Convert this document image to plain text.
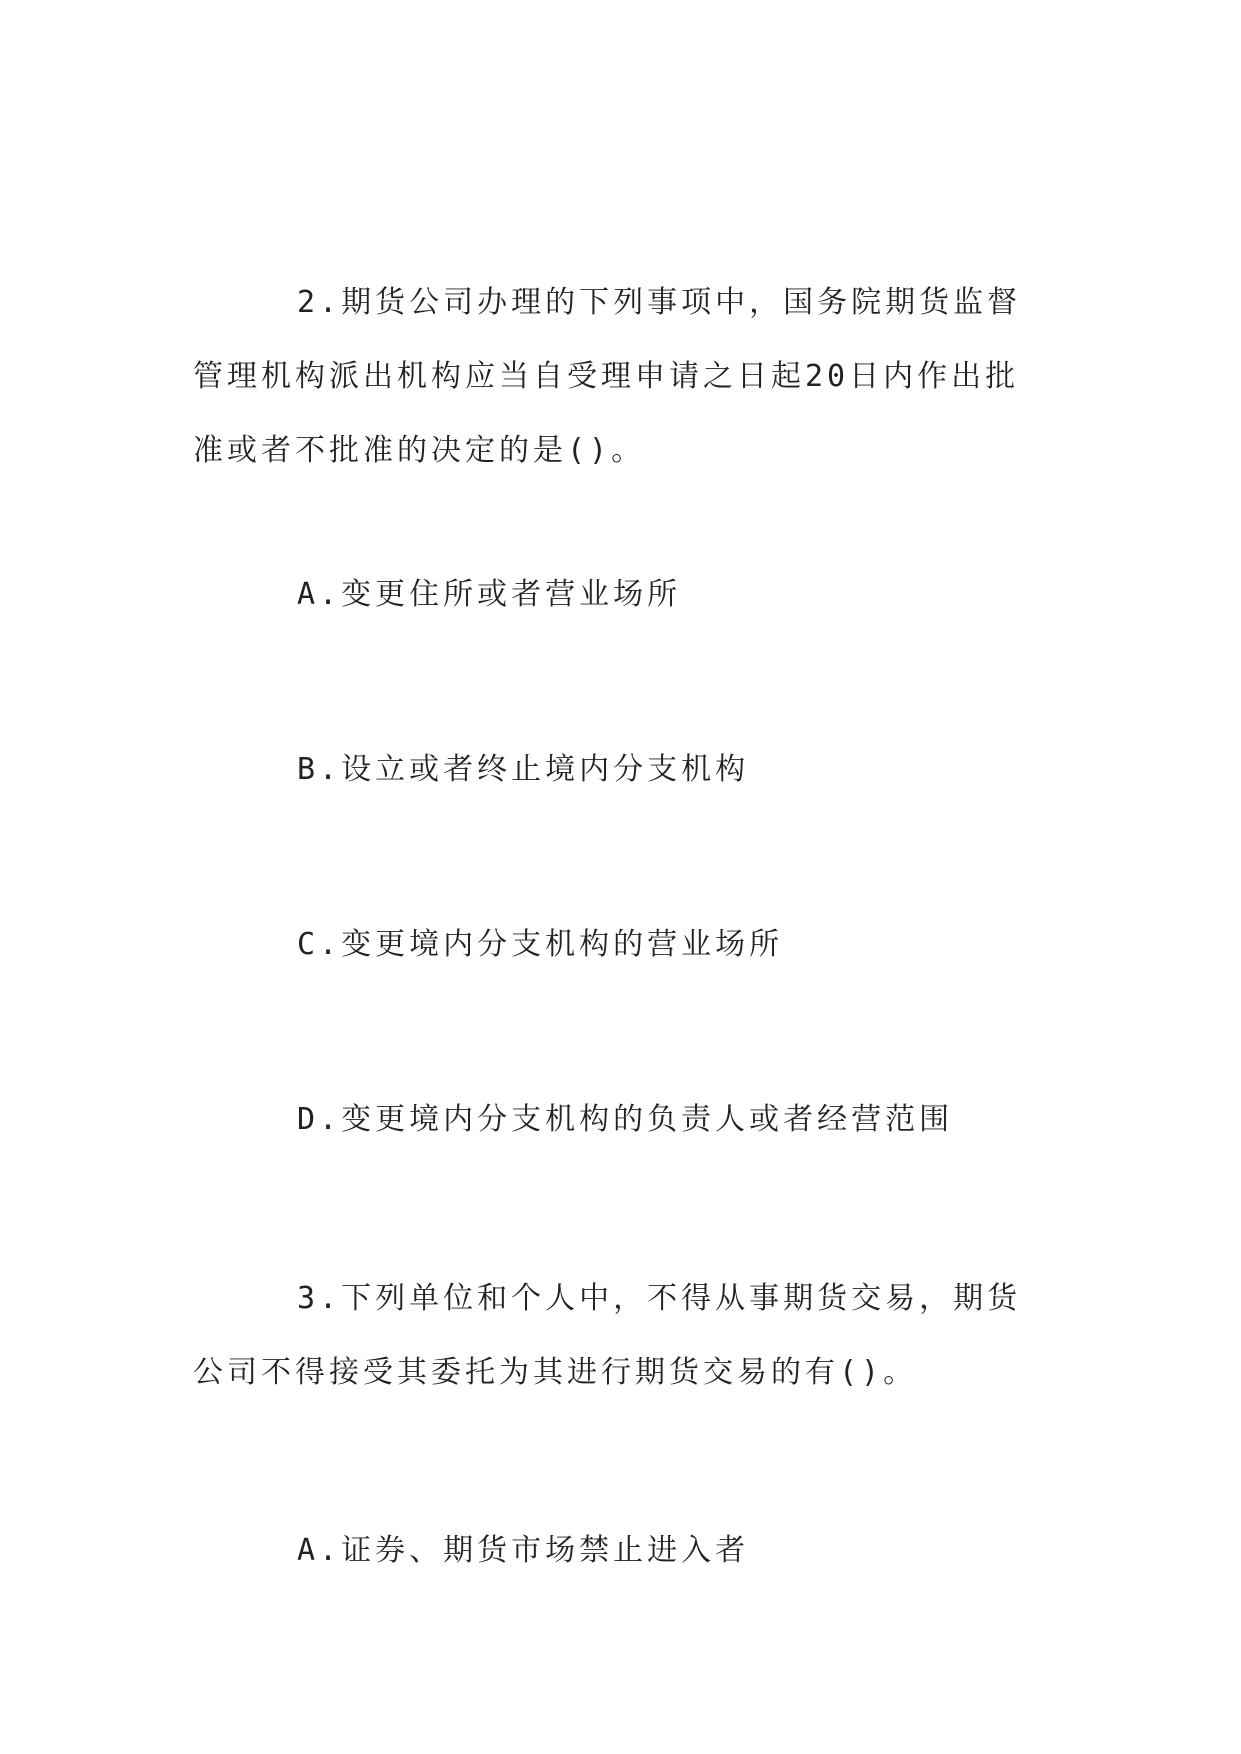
2.期货公司办理的下列事项中，国务院期货监督管理机构派出机构应当自受理申请之日起20日内作出批准或者不批准的决定的是()。

A.变更住所或者营业场所

B.设立或者终止境内分支机构

C.变更境内分支机构的营业场所

D.变更境内分支机构的负责人或者经营范围

3.下列单位和个人中，不得从事期货交易，期货公司不得接受其委托为其进行期货交易的有()。

A.证券、期货市场禁止进入者
